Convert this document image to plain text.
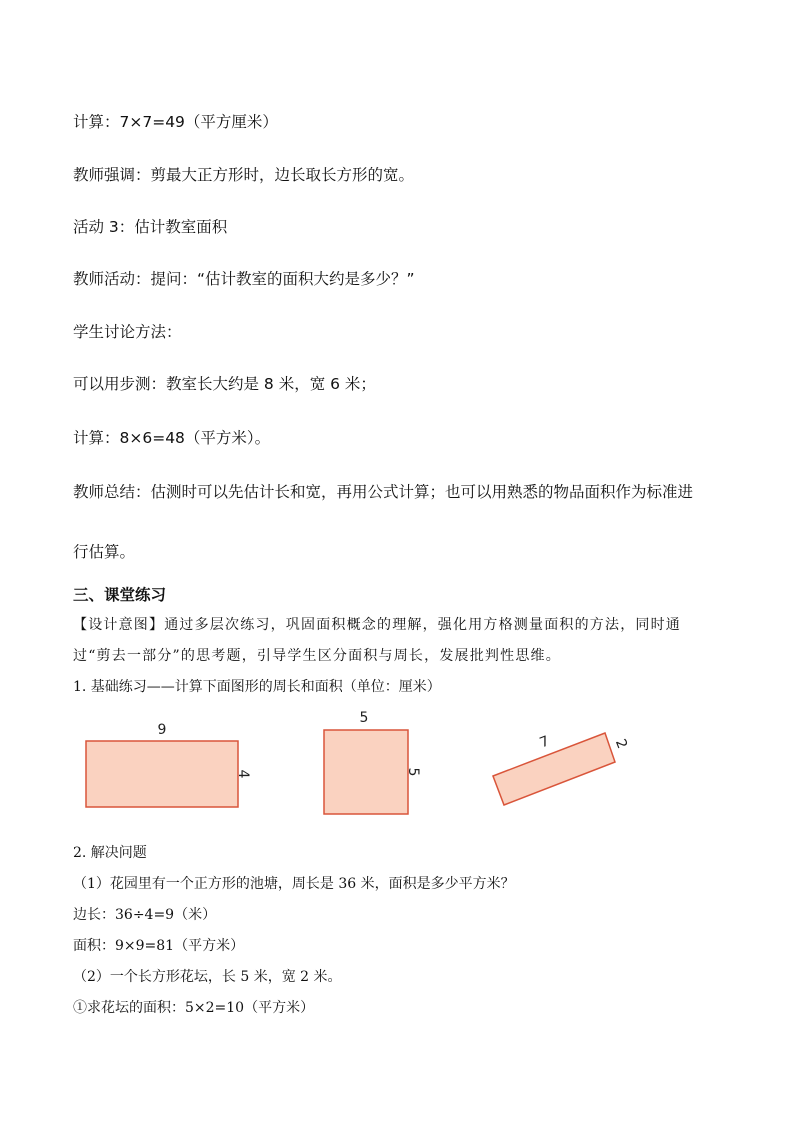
计算：7×7=49（平方厘米）
教师强调：剪最大正方形时，边长取长方形的宽。
活动 3：估计教室面积
教师活动：提问：“估计教室的面积大约是多少？”
学生讨论方法：
可以用步测：教室长大约是 8 米，宽 6 米；
计算：8×6=48（平方米）。
教师总结：估测时可以先估计长和宽，再用公式计算；也可以用熟悉的物品面积作为标准进
行估算。
三、课堂练习
【设计意图】通过多层次练习，巩固面积概念的理解，强化用方格测量面积的方法，同时通
过“剪去一部分”的思考题，引导学生区分面积与周长，发展批判性思维。
1. 基础练习——计算下面图形的周长和面积（单位：厘米）
9
4
5
5
7	2
2. 解决问题
（1）花园里有一个正方形的池塘，周长是 36 米，面积是多少平方米？
边长：36÷4=9（米）
面积：9×9=81（平方米）
（2）一个长方形花坛，长 5 米，宽 2 米。
①求花坛的面积：5×2=10（平方米）
